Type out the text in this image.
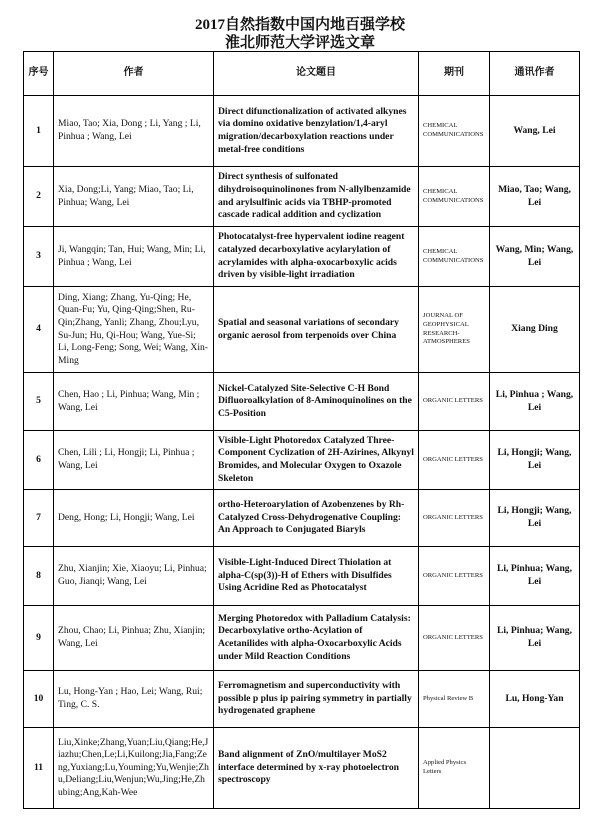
2017自然指数中国内地百强学校
淮北师范大学评选文章
序号	作者	论文题目	期刊	通讯作者
1	Miao, Tao; Xia, Dong ; Li, Yang ; Li, Pinhua ; Wang, Lei	Direct difunctionalization of activated alkynes via domino oxidative benzylation/1,4-aryl migration/decarboxylation reactions under metal-free conditions	CHEMICAL COMMUNICATIONS	Wang, Lei
2	Xia, Dong;Li, Yang; Miao, Tao; Li, Pinhua; Wang, Lei	Direct synthesis of sulfonated dihydroisoquinolinones from N-allylbenzamide and arylsulfinic acids via TBHP-promoted cascade radical addition and cyclization	CHEMICAL COMMUNICATIONS	Miao, Tao; Wang, Lei
3	Ji, Wangqin; Tan, Hui; Wang, Min; Li, Pinhua ; Wang, Lei	Photocatalyst-free hypervalent iodine reagent catalyzed decarboxylative acylarylation of acrylamides with alpha-oxocarboxylic acids driven by visible-light irradiation	CHEMICAL COMMUNICATIONS	Wang, Min; Wang, Lei
4	Ding, Xiang; Zhang, Yu-Qing; He, Quan-Fu; Yu, Qing-Qing;Shen, Ru-Qin;Zhang, Yanli; Zhang, Zhou;Lyu, Su-Jun; Hu, Qi-Hou; Wang, Yue-Si; Li, Long-Feng; Song, Wei; Wang, Xin-Ming	Spatial and seasonal variations of secondary organic aerosol from terpenoids over China	JOURNAL OF GEOPHYSICAL RESEARCH-ATMOSPHERES	Xiang Ding
5	Chen, Hao ; Li, Pinhua; Wang, Min ; Wang, Lei	Nickel-Catalyzed Site-Selective C-H Bond Difluoroalkylation of 8-Aminoquinolines on the C5-Position	ORGANIC LETTERS	Li, Pinhua ; Wang, Lei
6	Chen, Lili ; Li, Hongji; Li, Pinhua ; Wang, Lei	Visible-Light Photoredox Catalyzed Three-Component Cyclization of 2H-Azirines, Alkynyl Bromides, and Molecular Oxygen to Oxazole Skeleton	ORGANIC LETTERS	Li, Hongji; Wang, Lei
7	Deng, Hong; Li, Hongji; Wang, Lei	ortho-Heteroarylation of Azobenzenes by Rh-Catalyzed Cross-Dehydrogenative Coupling: An Approach to Conjugated Biaryls	ORGANIC LETTERS	Li, Hongji; Wang, Lei
8	Zhu, Xianjin; Xie, Xiaoyu; Li, Pinhua; Guo, Jianqi; Wang, Lei	Visible-Light-Induced Direct Thiolation at alpha-C(sp(3))-H of Ethers with Disulfides Using Acridine Red as Photocatalyst	ORGANIC LETTERS	Li, Pinhua; Wang, Lei
9	Zhou, Chao; Li, Pinhua; Zhu, Xianjin; Wang, Lei	Merging Photoredox with Palladium Catalysis: Decarboxylative ortho-Acylation of Acetanilides with alpha-Oxocarboxylic Acids under Mild Reaction Conditions	ORGANIC LETTERS	Li, Pinhua; Wang, Lei
10	Lu, Hong-Yan ; Hao, Lei; Wang, Rui; Ting, C. S.	Ferromagnetism and superconductivity with possible p plus ip pairing symmetry in partially hydrogenated graphene	Physical Review B	Lu, Hong-Yan
11	Liu,Xinke;Zhang,Yuan;Liu,Qiang;He,Jiazhu;Chen,Le;Li,Kuilong;Jia,Fang;Zeng,Yuxiang;Lu,Youming;Yu,Wenjie;Zhu,Deliang;Liu,Wenjun;Wu,Jing;He,Zhubing;Ang,Kah-Wee	Band alignment of ZnO/multilayer MoS2 interface determined by x-ray photoelectron spectroscopy	Applied Physics Letters	
